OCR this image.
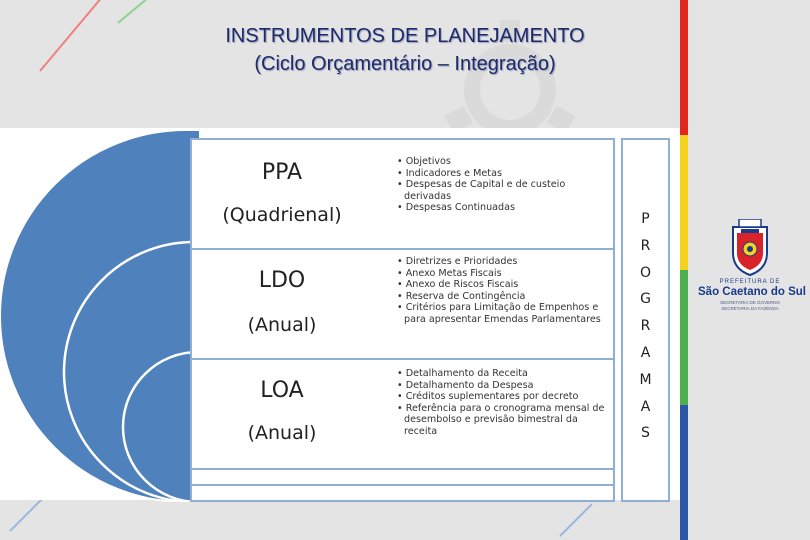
INSTRUMENTOS DE PLANEJAMENTO
(Ciclo Orçamentário – Integração)
PPA
(Quadrienal)
• Objetivos
• Indicadores e Metas
• Despesas de Capital e de custeio derivadas
• Despesas Continuadas
LDO
(Anual)
• Diretrizes e Prioridades
• Anexo Metas Fiscais
• Anexo de Riscos Fiscais
• Reserva de Contingência
• Critérios para Limitação de Empenhos e para apresentar Emendas Parlamentares
LOA
(Anual)
• Detalhamento da Receita
• Detalhamento da Despesa
• Créditos suplementares por decreto
• Referência para o cronograma mensal de desembolso e previsão bimestral da receita
P
R
O
G
R
A
M
A
S
PREFEITURA DE
São Caetano do Sul
SECRETARIA DE GOVERNO
SECRETARIA DA FAZENDA
